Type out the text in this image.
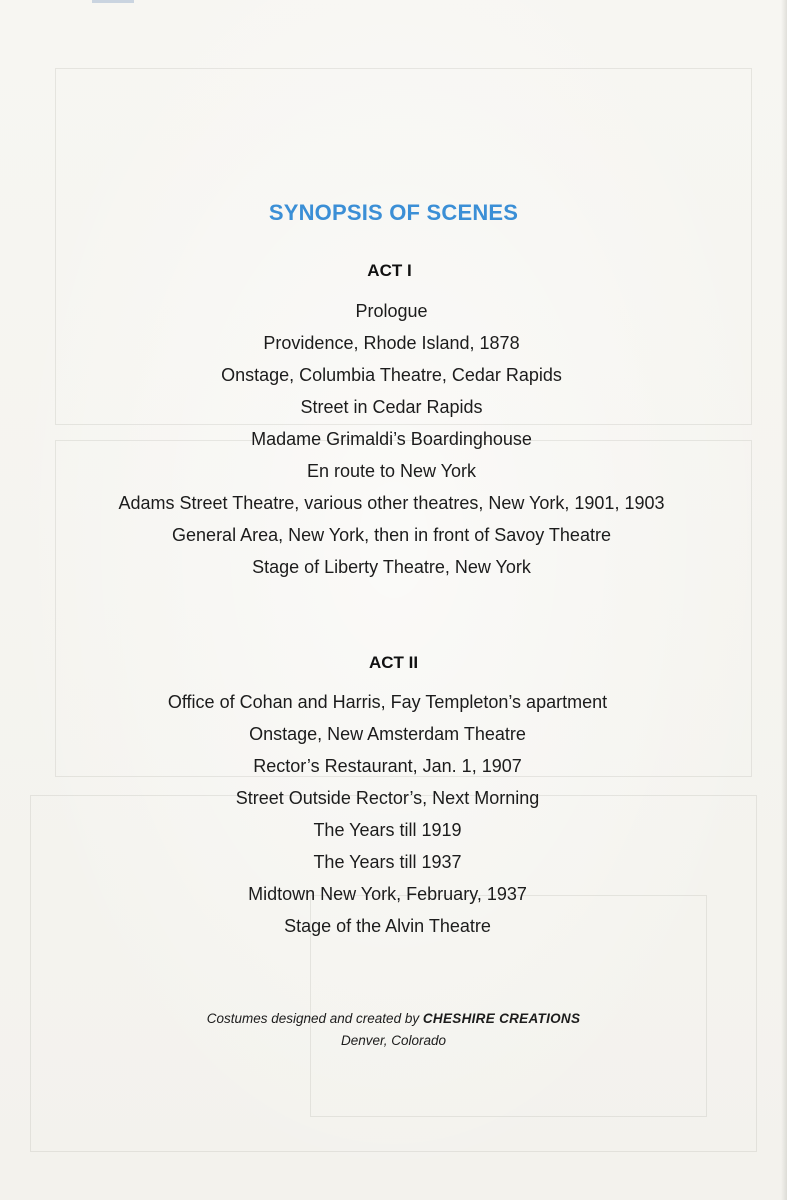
SYNOPSIS OF SCENES
ACT I
Prologue
Providence, Rhode Island, 1878
Onstage, Columbia Theatre, Cedar Rapids
Street in Cedar Rapids
Madame Grimaldi’s Boardinghouse
En route to New York
Adams Street Theatre, various other theatres, New York, 1901, 1903
General Area, New York, then in front of Savoy Theatre
Stage of Liberty Theatre, New York
ACT II
Office of Cohan and Harris, Fay Templeton’s apartment
Onstage, New Amsterdam Theatre
Rector’s Restaurant, Jan. 1, 1907
Street Outside Rector’s, Next Morning
The Years till 1919
The Years till 1937
Midtown New York, February, 1937
Stage of the Alvin Theatre
Costumes designed and created by CHESHIRE CREATIONS
Denver, Colorado
